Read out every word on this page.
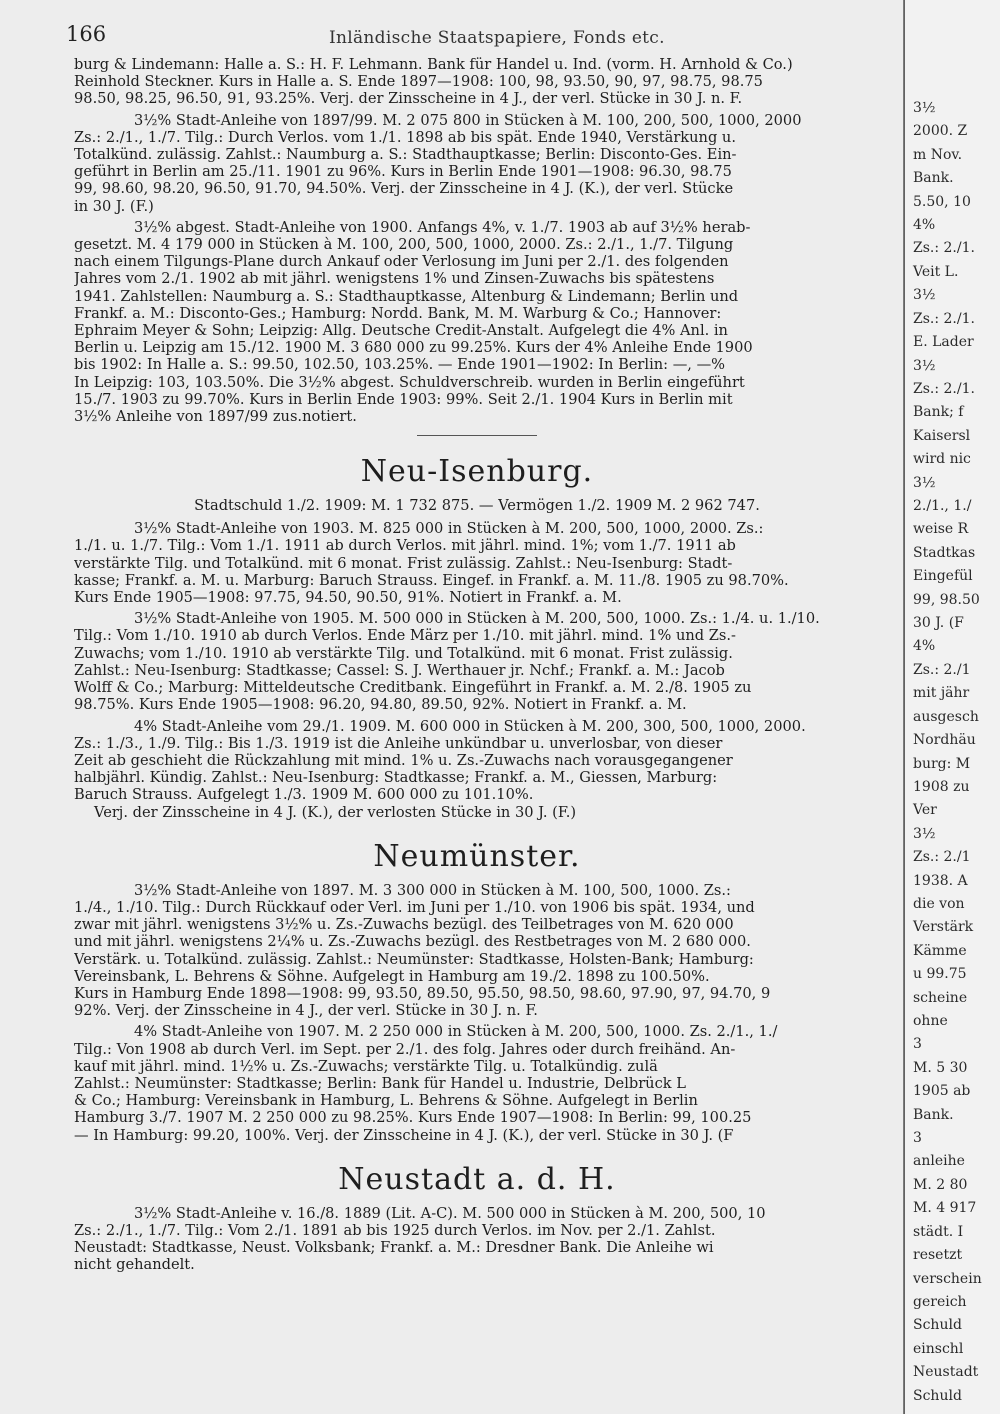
166	Inländische Staatspapiere, Fonds etc.
burg & Lindemann: Halle a. S.: H. F. Lehmann. Bank für Handel u. Ind. (vorm. H. Arnhold & Co.)
Reinhold Steckner. Kurs in Halle a. S. Ende 1897—1908: 100, 98, 93.50, 90, 97, 98.75, 98.75
98.50, 98.25, 96.50, 91, 93.25%. Verj. der Zinsscheine in 4 J., der verl. Stücke in 30 J. n. F.
3½% Stadt-Anleihe von 1897/99. M. 2 075 800 in Stücken à M. 100, 200, 500, 1000, 2000
Zs.: 2./1., 1./7. Tilg.: Durch Verlos. vom 1./1. 1898 ab bis spät. Ende 1940, Verstärkung u.
Totalkünd. zulässig. Zahlst.: Naumburg a. S.: Stadthauptkasse; Berlin: Disconto-Ges. Ein-
geführt in Berlin am 25./11. 1901 zu 96%. Kurs in Berlin Ende 1901—1908: 96.30, 98.75
99, 98.60, 98.20, 96.50, 91.70, 94.50%. Verj. der Zinsscheine in 4 J. (K.), der verl. Stücke
in 30 J. (F.)
3½% abgest. Stadt-Anleihe von 1900. Anfangs 4%, v. 1./7. 1903 ab auf 3½% herab-
gesetzt. M. 4 179 000 in Stücken à M. 100, 200, 500, 1000, 2000. Zs.: 2./1., 1./7. Tilgung
nach einem Tilgungs-Plane durch Ankauf oder Verlosung im Juni per 2./1. des folgenden
Jahres vom 2./1. 1902 ab mit jährl. wenigstens 1% und Zinsen-Zuwachs bis spätestens
1941. Zahlstellen: Naumburg a. S.: Stadthauptkasse, Altenburg & Lindemann; Berlin und
Frankf. a. M.: Disconto-Ges.; Hamburg: Nordd. Bank, M. M. Warburg & Co.; Hannover:
Ephraim Meyer & Sohn; Leipzig: Allg. Deutsche Credit-Anstalt. Aufgelegt die 4% Anl. in
Berlin u. Leipzig am 15./12. 1900 M. 3 680 000 zu 99.25%. Kurs der 4% Anleihe Ende 1900
bis 1902: In Halle a. S.: 99.50, 102.50, 103.25%. — Ende 1901—1902: In Berlin: —, —%
In Leipzig: 103, 103.50%. Die 3½% abgest. Schuldverschreib. wurden in Berlin eingeführt
15./7. 1903 zu 99.70%. Kurs in Berlin Ende 1903: 99%. Seit 2./1. 1904 Kurs in Berlin mit
3½% Anleihe von 1897/99 zus.notiert.
Neu-Isenburg.
Stadtschuld 1./2. 1909: M. 1 732 875. — Vermögen 1./2. 1909 M. 2 962 747.
3½% Stadt-Anleihe von 1903. M. 825 000 in Stücken à M. 200, 500, 1000, 2000. Zs.:
1./1. u. 1./7. Tilg.: Vom 1./1. 1911 ab durch Verlos. mit jährl. mind. 1%; vom 1./7. 1911 ab
verstärkte Tilg. und Totalkünd. mit 6 monat. Frist zulässig. Zahlst.: Neu-Isenburg: Stadt-
kasse; Frankf. a. M. u. Marburg: Baruch Strauss. Eingef. in Frankf. a. M. 11./8. 1905 zu 98.70%.
Kurs Ende 1905—1908: 97.75, 94.50, 90.50, 91%. Notiert in Frankf. a. M.
3½% Stadt-Anleihe von 1905. M. 500 000 in Stücken à M. 200, 500, 1000. Zs.: 1./4. u. 1./10.
Tilg.: Vom 1./10. 1910 ab durch Verlos. Ende März per 1./10. mit jährl. mind. 1% und Zs.-
Zuwachs; vom 1./10. 1910 ab verstärkte Tilg. und Totalkünd. mit 6 monat. Frist zulässig.
Zahlst.: Neu-Isenburg: Stadtkasse; Cassel: S. J. Werthauer jr. Nchf.; Frankf. a. M.: Jacob
Wolff & Co.; Marburg: Mitteldeutsche Creditbank. Eingeführt in Frankf. a. M. 2./8. 1905 zu
98.75%. Kurs Ende 1905—1908: 96.20, 94.80, 89.50, 92%. Notiert in Frankf. a. M.
4% Stadt-Anleihe vom 29./1. 1909. M. 600 000 in Stücken à M. 200, 300, 500, 1000, 2000.
Zs.: 1./3., 1./9. Tilg.: Bis 1./3. 1919 ist die Anleihe unkündbar u. unverlosbar, von dieser
Zeit ab geschieht die Rückzahlung mit mind. 1% u. Zs.-Zuwachs nach vorausgegangener
halbjährl. Kündig. Zahlst.: Neu-Isenburg: Stadtkasse; Frankf. a. M., Giessen, Marburg:
Baruch Strauss. Aufgelegt 1./3. 1909 M. 600 000 zu 101.10%.
Verj. der Zinsscheine in 4 J. (K.), der verlosten Stücke in 30 J. (F.)
Neumünster.
3½% Stadt-Anleihe von 1897. M. 3 300 000 in Stücken à M. 100, 500, 1000. Zs.:
1./4., 1./10. Tilg.: Durch Rückkauf oder Verl. im Juni per 1./10. von 1906 bis spät. 1934, und
zwar mit jährl. wenigstens 3½% u. Zs.-Zuwachs bezügl. des Teilbetrages von M. 620 000
und mit jährl. wenigstens 2¼% u. Zs.-Zuwachs bezügl. des Restbetrages von M. 2 680 000.
Verstärk. u. Totalkünd. zulässig. Zahlst.: Neumünster: Stadtkasse, Holsten-Bank; Hamburg:
Vereinsbank, L. Behrens & Söhne. Aufgelegt in Hamburg am 19./2. 1898 zu 100.50%.
Kurs in Hamburg Ende 1898—1908: 99, 93.50, 89.50, 95.50, 98.50, 98.60, 97.90, 97, 94.70, 9
92%. Verj. der Zinsscheine in 4 J., der verl. Stücke in 30 J. n. F.
4% Stadt-Anleihe von 1907. M. 2 250 000 in Stücken à M. 200, 500, 1000. Zs. 2./1., 1./
Tilg.: Von 1908 ab durch Verl. im Sept. per 2./1. des folg. Jahres oder durch freihänd. An-
kauf mit jährl. mind. 1½% u. Zs.-Zuwachs; verstärkte Tilg. u. Totalkündig. zulä
Zahlst.: Neumünster: Stadtkasse; Berlin: Bank für Handel u. Industrie, Delbrück L
& Co.; Hamburg: Vereinsbank in Hamburg, L. Behrens & Söhne. Aufgelegt in Berlin
Hamburg 3./7. 1907 M. 2 250 000 zu 98.25%. Kurs Ende 1907—1908: In Berlin: 99, 100.25
— In Hamburg: 99.20, 100%. Verj. der Zinsscheine in 4 J. (K.), der verl. Stücke in 30 J. (F
Neustadt a. d. H.
3½% Stadt-Anleihe v. 16./8. 1889 (Lit. A-C). M. 500 000 in Stücken à M. 200, 500, 10
Zs.: 2./1., 1./7. Tilg.: Vom 2./1. 1891 ab bis 1925 durch Verlos. im Nov. per 2./1. Zahlst.
Neustadt: Stadtkasse, Neust. Volksbank; Frankf. a. M.: Dresdner Bank. Die Anleihe wi
nicht gehandelt.
3½
2000. Z
m Nov.
Bank.
5.50, 10
4%
Zs.: 2./1.
Veit L.
3½
Zs.: 2./1.
E. Lader
3½
Zs.: 2./1.
Bank; f
Kaisersl
wird nic
3½
2./1., 1./
weise R
Stadtkas
Eingefül
99, 98.50
30 J. (F
4%
Zs.: 2./1
mit jähr
ausgesch
Nordhäu
burg: M
1908 zu
Ver
3½
Zs.: 2./1
1938. A
die von
Verstärk
Kämme
u 99.75
scheine
ohne
3
M. 5 30
1905 ab
Bank.
3
anleihe
M. 2 80
M. 4 917
städt. I
resetzt
verschein
gereich
Schuld
einschl
Neustadt
Schuld
